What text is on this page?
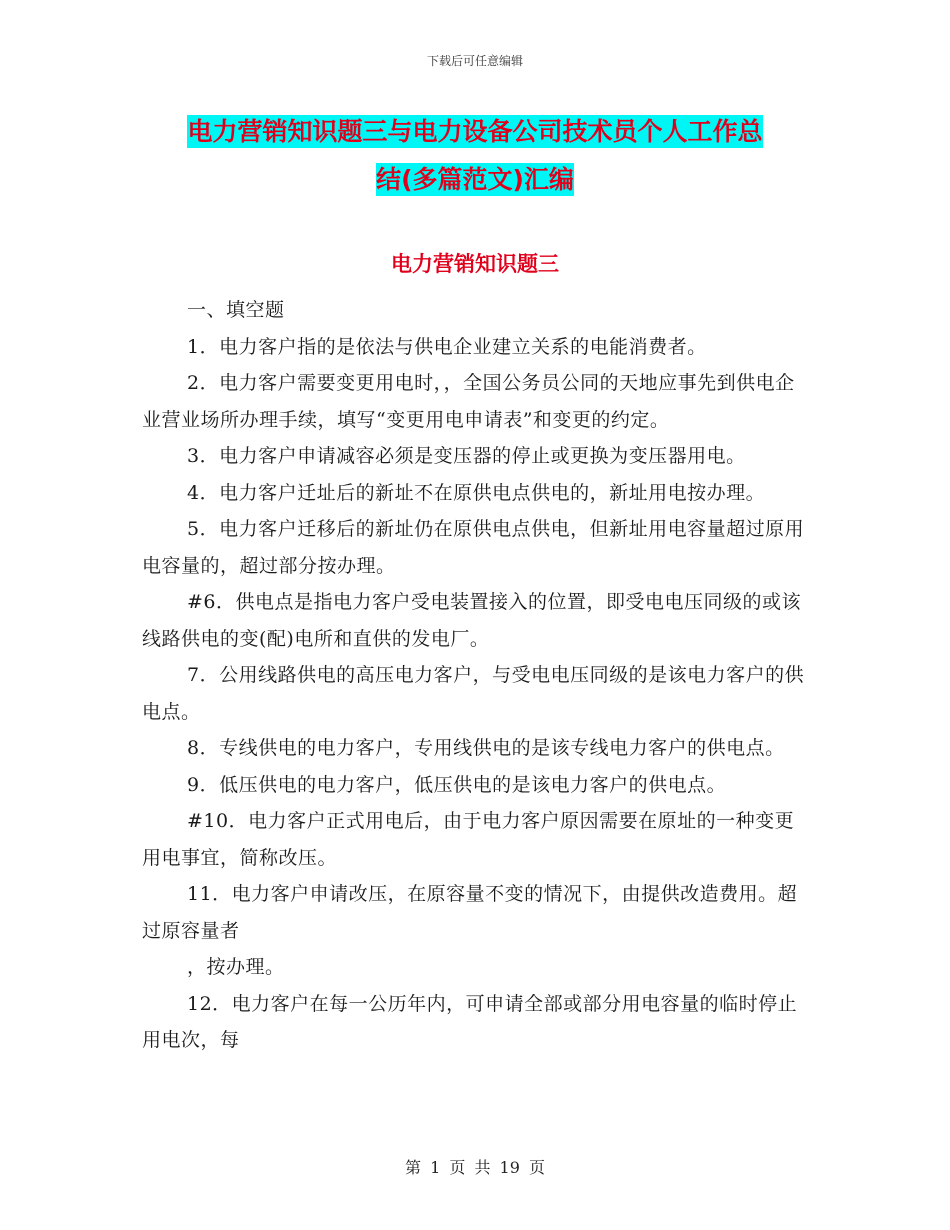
下载后可任意编辑
电力营销知识题三与电力设备公司技术员个人工作总
结(多篇范文)汇编
电力营销知识题三

一、填空题

1．电力客户指的是依法与供电企业建立关系的电能消费者。

2．电力客户需要变更用电时，，全国公务员公同的天地应事先到供电企业营业场所办理手续，填写“变更用电申请表”和变更的约定。

3．电力客户申请减容必须是变压器的停止或更换为变压器用电。

4．电力客户迁址后的新址不在原供电点供电的，新址用电按办理。

5．电力客户迁移后的新址仍在原供电点供电，但新址用电容量超过原用电容量的，超过部分按办理。

#6．供电点是指电力客户受电装置接入的位置，即受电电压同级的或该线路供电的变(配)电所和直供的发电厂。

7．公用线路供电的高压电力客户，与受电电压同级的是该电力客户的供电点。

8．专线供电的电力客户，专用线供电的是该专线电力客户的供电点。

9．低压供电的电力客户，低压供电的是该电力客户的供电点。

#10．电力客户正式用电后，由于电力客户原因需要在原址的一种变更用电事宜，简称改压。

11．电力客户申请改压，在原容量不变的情况下，由提供改造费用。超过原容量者

，按办理。

12．电力客户在每一公历年内，可申请全部或部分用电容量的临时停止用电次，每

第 1 页 共 19 页
